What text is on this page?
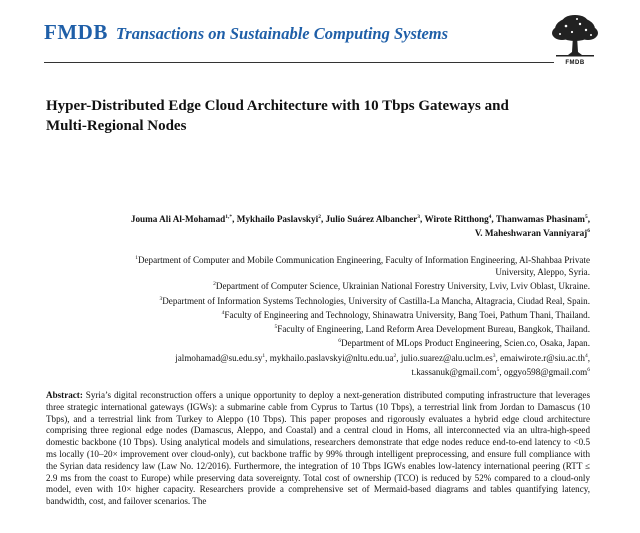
FMDB Transactions on Sustainable Computing Systems
FMDB
Hyper-Distributed Edge Cloud Architecture with 10 Tbps Gateways and
Multi-Regional Nodes
Jouma Ali Al-Mohamad$^{1,*}$, Mykhailo Paslavskyi$^2$, Julio Suárez Albancher$^3$, Wirote Ritthong$^4$, Thanwamas Phasinam$^5$,
V. Maheshwaran Vanniyaraj$^6$
$^1$Department of Computer and Mobile Communication Engineering, Faculty of Information Engineering, Al-Shahbaa Private
University, Aleppo, Syria.
$^2$Department of Computer Science, Ukrainian National Forestry University, Lviv, Lviv Oblast, Ukraine.
$^3$Department of Information Systems Technologies, University of Castilla-La Mancha, Altagracia, Ciudad Real, Spain.
$^4$Faculty of Engineering and Technology, Shinawatra University, Bang Toei, Pathum Thani, Thailand.
$^5$Faculty of Engineering, Land Reform Area Development Bureau, Bangkok, Thailand.
$^6$Department of MLops Product Engineering, Scien.co, Osaka, Japan.
$jalmohamad@su.edu.sy^1$, $mykhailo.paslavskyi@nltu.edu.ua^2$, $julio.suarez@alu.uclm.es^3$, $emaiwirote.r@siu.ac.th^4$,
t.kassanuk@gmail.com$^5$, oggyo598@gmail.com$^6$

Abstract: Syria’s digital reconstruction offers a unique opportunity to deploy a next-generation distributed computing infrastructure that leverages three strategic international gateways (IGWs): a submarine cable from Cyprus to Tartus (10 Tbps), a terrestrial link from Jordan to Damascus (10 Tbps), and a terrestrial link from Turkey to Aleppo (10 Tbps). This paper proposes and rigorously evaluates a hybrid edge cloud architecture comprising three regional edge nodes (Damascus, Aleppo, and Coastal) and a central cloud in Homs, all interconnected via an ultra-high-speed domestic backbone (10 Tbps). Using analytical models and simulations, researchers demonstrate that edge nodes reduce end-to-end latency to <0.5 ms locally (10–20× improvement over cloud-only), cut backbone traffic by 99% through intelligent preprocessing, and ensure full compliance with the Syrian data residency law (Law No. 12/2016). Furthermore, the integration of 10 Tbps IGWs enables low-latency international peering (RTT ≤ 2.9 ms from the coast to Europe) while preserving data sovereignty. Total cost of ownership (TCO) is reduced by 52% compared to a cloud-only model, even with 10× higher capacity. Researchers provide a comprehensive set of Mermaid-based diagrams and tables quantifying latency, bandwidth, cost, and failover scenarios. The
